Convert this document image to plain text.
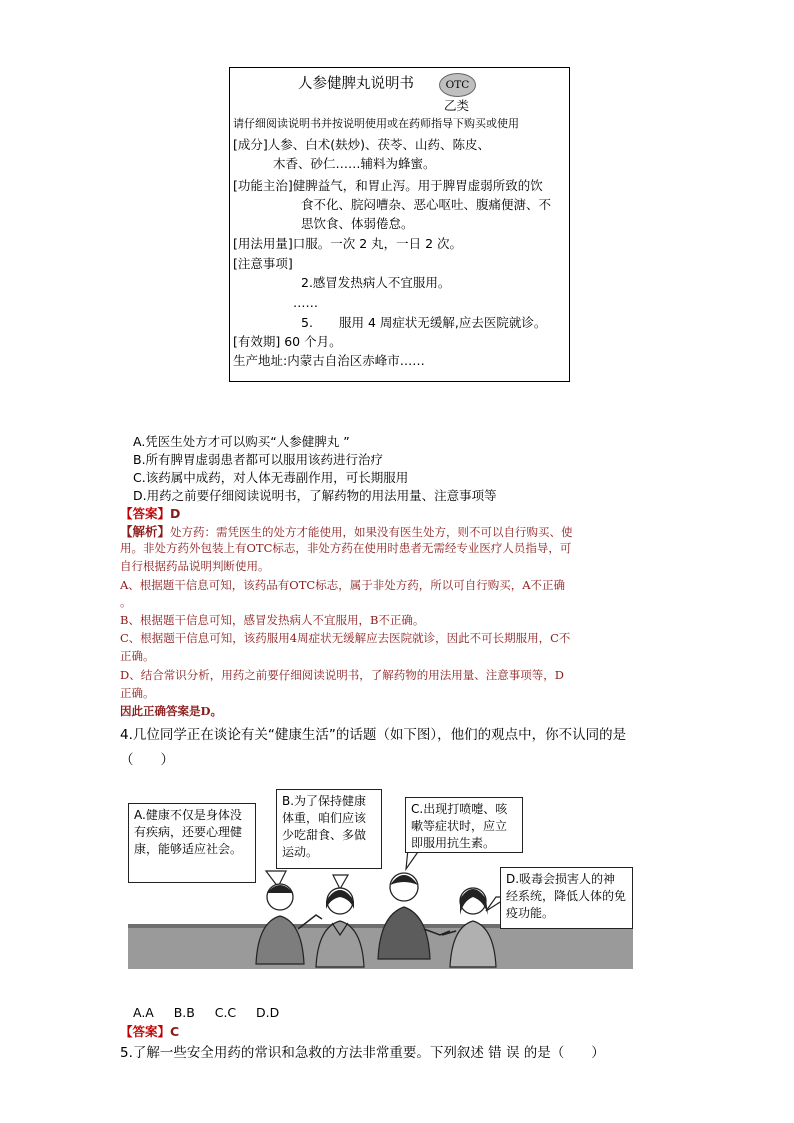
人参健脾丸说明书	OTC
乙类
请仔细阅读说明书并按说明使用或在药师指导下购买或使用
[成分]人参、白术(麸炒)、茯苓、山药、陈皮、
木香、砂仁……辅料为蜂蜜。
[功能主治]健脾益气，和胃止泻。用于脾胃虚弱所致的饮
食不化、脘闷嘈杂、恶心呕吐、腹痛便溏、不
思饮食、体弱倦怠。
[用法用量]口服。一次 2 丸，一日 2 次。
[注意事项]
2.感冒发热病人不宜服用。
……
5. 服用 4 周症状无缓解,应去医院就诊。
[有效期] 60 个月。
生产地址:内蒙古自治区赤峰市……
A.凭医生处方才可以购买“人参健脾丸 ”
B.所有脾胃虚弱患者都可以服用该药进行治疗
C.该药属中成药，对人体无毒副作用，可长期服用
D.用药之前要仔细阅读说明书，了解药物的用法用量、注意事项等
【答案】D
【解析】处方药：需凭医生的处方才能使用，如果没有医生处方，则不可以自行购买、使
用。非处方药外包装上有OTC标志，非处方药在使用时患者无需经专业医疗人员指导，可
自行根据药品说明判断使用。
A、根据题干信息可知，该药品有OTC标志，属于非处方药，所以可自行购买，A不正确
。
B、根据题干信息可知，感冒发热病人不宜服用，B不正确。
C、根据题干信息可知，该药服用4周症状无缓解应去医院就诊，因此不可长期服用，C不
正确。
D、结合常识分析，用药之前要仔细阅读说明书，了解药物的用法用量、注意事项等，D
正确。
因此正确答案是D。
4.几位同学正在谈论有关“健康生活”的话题（如下图），他们的观点中，你不认同的是
（　　）
A.健康不仅是身体没有疾病，还要心理健康，能够适应社会。
B.为了保持健康体重，咱们应该少吃甜食、多做运动。
C.出现打喷嚏、咳嗽等症状时，应立即服用抗生素。
D.吸毒会损害人的神经系统，降低人体的免疫功能。
A.A B.B C.C D.D
【答案】C
5.了解一些安全用药的常识和急救的方法非常重要。下列叙述 错 误 的是（　　）
